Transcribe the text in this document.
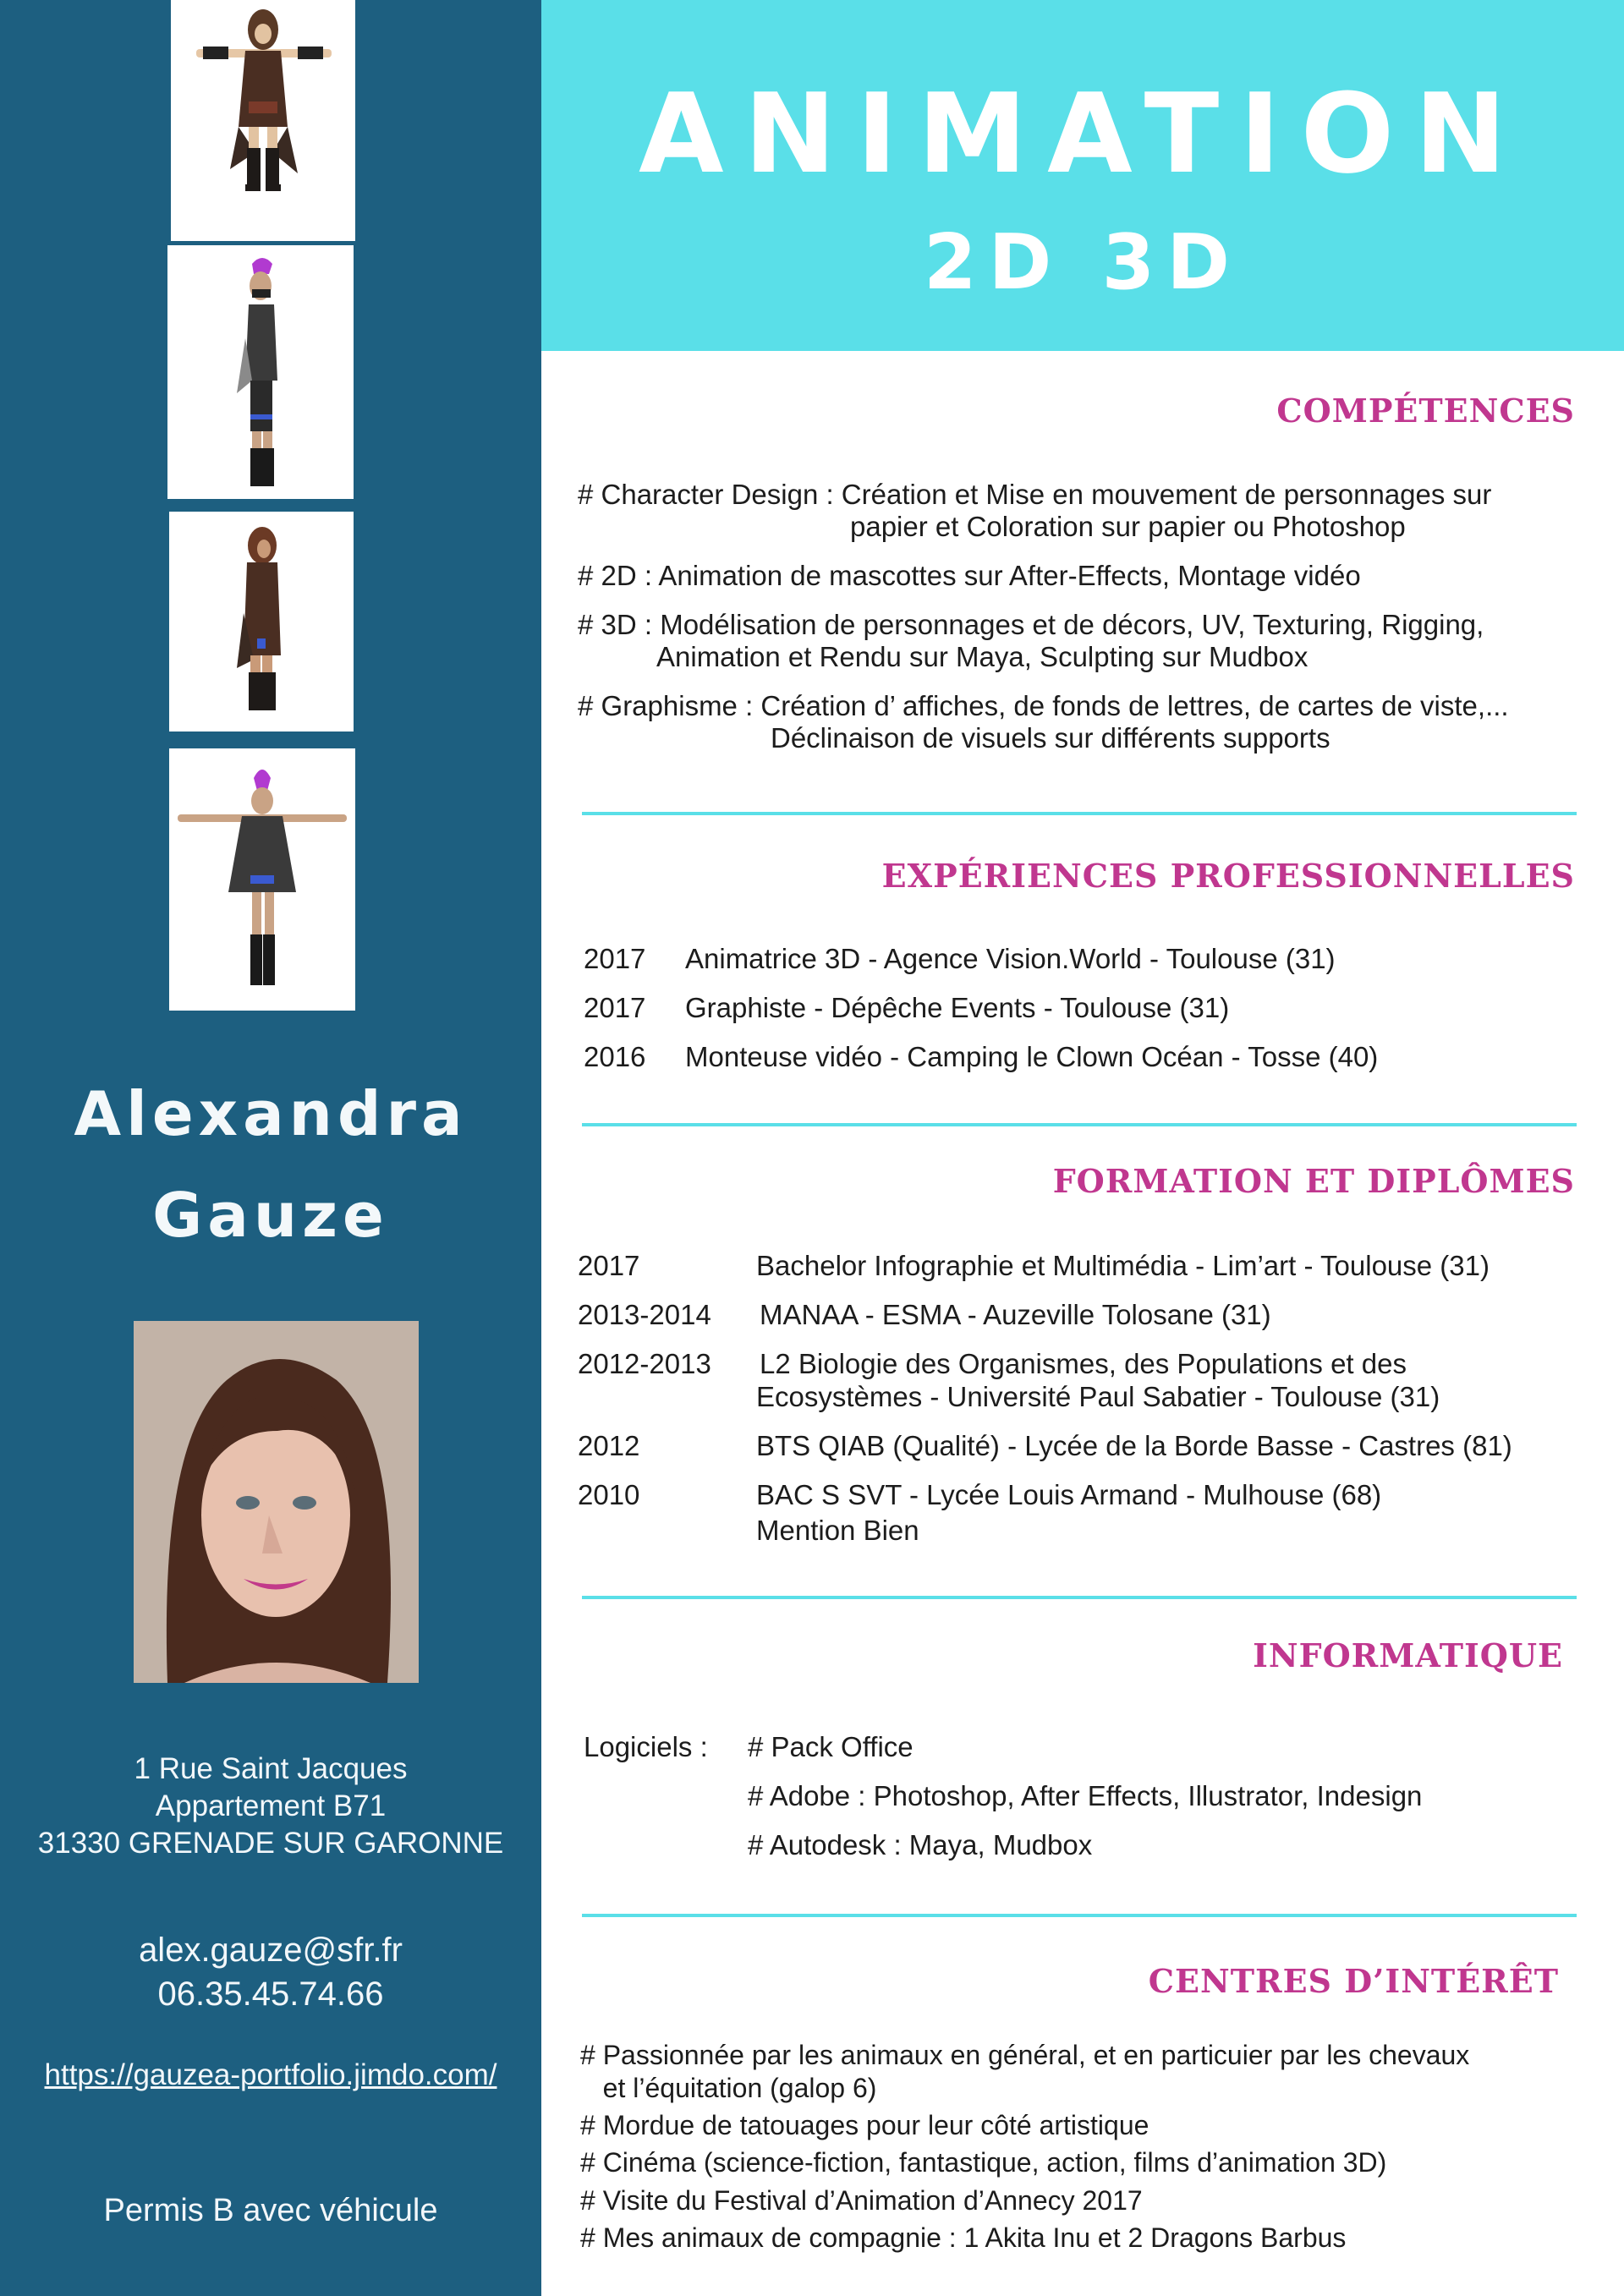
Alexandra
Gauze
1 Rue Saint Jacques
Appartement B71
31330 GRENADE SUR GARONNE
alex.gauze@sfr.fr
06.35.45.74.66
https://gauzea-portfolio.jimdo.com/
Permis B avec véhicule
ANIMATION
2D 3D
COMPÉTENCES
# Character Design : Création et Mise en mouvement de personnages sur
papier et Coloration sur papier ou Photoshop
# 2D : Animation de mascottes sur After-Effects, Montage vidéo
# 3D : Modélisation de personnages et de décors, UV, Texturing, Rigging,
Animation et Rendu sur Maya, Sculpting sur Mudbox
# Graphisme : Création d’ affiches, de fonds de lettres, de cartes de viste,...
Déclinaison de visuels sur différents supports
EXPÉRIENCES PROFESSIONNELLES
2017	Animatrice 3D - Agence Vision.World - Toulouse (31)
2017	Graphiste - Dépêche Events - Toulouse (31)
2016	Monteuse vidéo - Camping le Clown Océan - Tosse (40)
FORMATION ET DIPLÔMES
2017	Bachelor Infographie et Multimédia - Lim’art - Toulouse (31)
2013-2014 MANAA - ESMA - Auzeville Tolosane (31)
2012-2013 L2 Biologie des Organismes, des Populations et des
Ecosystèmes - Université Paul Sabatier - Toulouse (31)
2012	BTS QIAB (Qualité) - Lycée de la Borde Basse - Castres (81)
2010	BAC S SVT - Lycée Louis Armand - Mulhouse (68)
Mention Bien
INFORMATIQUE
Logiciels : # Pack Office
# Adobe : Photoshop, After Effects, Illustrator, Indesign
# Autodesk : Maya, Mudbox
CENTRES D’INTÉRÊT
# Passionnée par les animaux en général, et en particuier par les chevaux
et l’équitation (galop 6)
# Mordue de tatouages pour leur côté artistique
# Cinéma (science-fiction, fantastique, action, films d’animation 3D)
# Visite du Festival d’Animation d’Annecy 2017
# Mes animaux de compagnie : 1 Akita Inu et 2 Dragons Barbus
